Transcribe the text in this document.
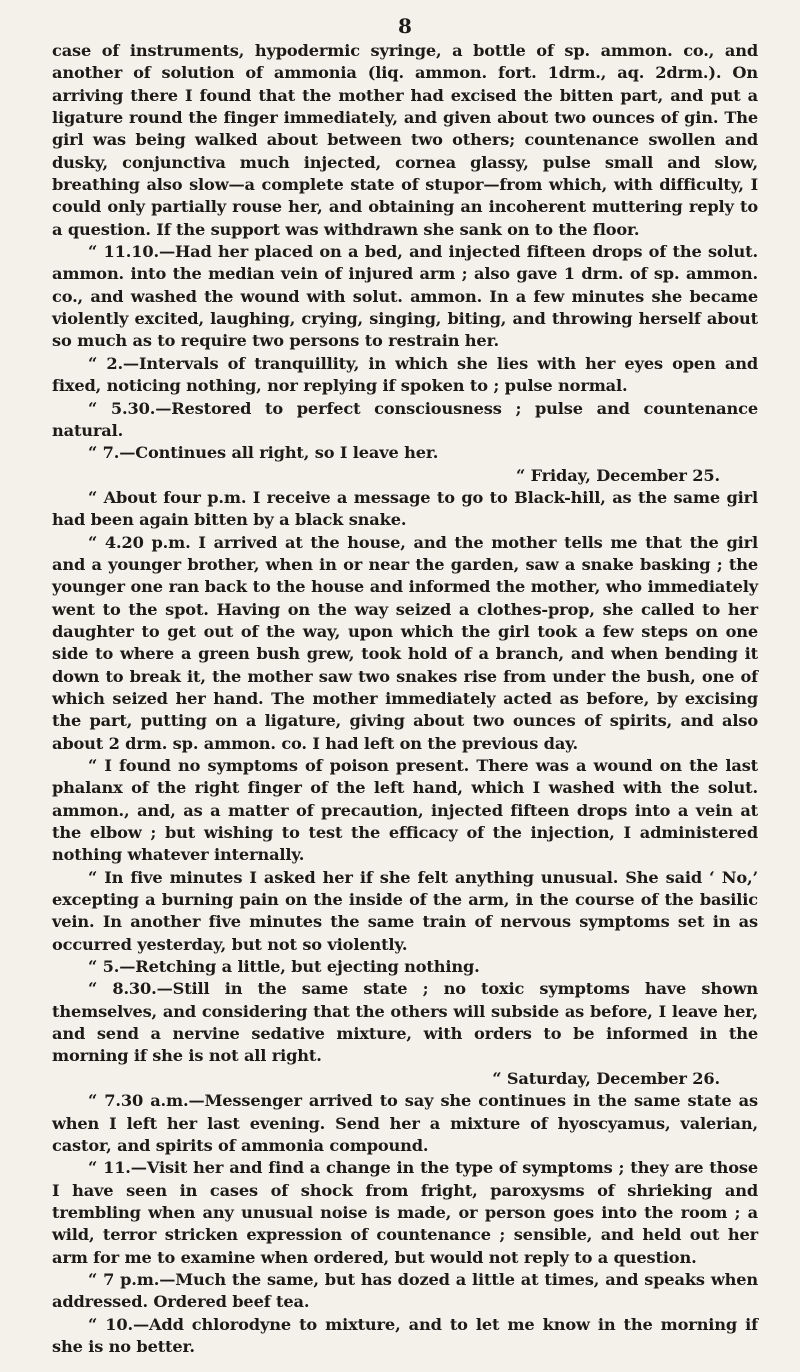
8

case of instruments, hypodermic syringe, a bottle of sp. ammon. co., and another of solution of ammonia (liq. ammon. fort. 1drm., aq. 2drm.). On arriving there I found that the mother had excised the bitten part, and put a ligature round the finger immediately, and given about two ounces of gin. The girl was being walked about between two others; countenance swollen and dusky, conjunctiva much injected, cornea glassy, pulse small and slow, breathing also slow—a complete state of stupor—from which, with difficulty, I could only partially rouse her, and obtaining an incoherent muttering reply to a question. If the support was withdrawn she sank on to the floor.

“ 11.10.—Had her placed on a bed, and injected fifteen drops of the solut. ammon. into the median vein of injured arm ; also gave 1 drm. of sp. ammon. co., and washed the wound with solut. ammon. In a few minutes she became violently excited, laughing, crying, singing, biting, and throwing herself about so much as to require two persons to restrain her.

“ 2.—Intervals of tranquillity, in which she lies with her eyes open and fixed, noticing nothing, nor replying if spoken to ; pulse normal.

“ 5.30.—Restored to perfect consciousness ; pulse and countenance natural.

“ 7.—Continues all right, so I leave her.

“ Friday, December 25.

“ About four p.m. I receive a message to go to Black-hill, as the same girl had been again bitten by a black snake.

“ 4.20 p.m. I arrived at the house, and the mother tells me that the girl and a younger brother, when in or near the garden, saw a snake basking ; the younger one ran back to the house and informed the mother, who immediately went to the spot. Having on the way seized a clothes-prop, she called to her daughter to get out of the way, upon which the girl took a few steps on one side to where a green bush grew, took hold of a branch, and when bending it down to break it, the mother saw two snakes rise from under the bush, one of which seized her hand. The mother immediately acted as before, by excising the part, putting on a ligature, giving about two ounces of spirits, and also about 2 drm. sp. ammon. co. I had left on the previous day.

“ I found no symptoms of poison present. There was a wound on the last phalanx of the right finger of the left hand, which I washed with the solut. ammon., and, as a matter of precaution, injected fifteen drops into a vein at the elbow ; but wishing to test the efficacy of the injection, I administered nothing whatever internally.

“ In five minutes I asked her if she felt anything unusual. She said ‘ No,’ excepting a burning pain on the inside of the arm, in the course of the basilic vein. In another five minutes the same train of nervous symptoms set in as occurred yesterday, but not so violently.

“ 5.—Retching a little, but ejecting nothing.

“ 8.30.—Still in the same state ; no toxic symptoms have shown themselves, and considering that the others will subside as before, I leave her, and send a nervine sedative mixture, with orders to be informed in the morning if she is not all right.

“ Saturday, December 26.

“ 7.30 a.m.—Messenger arrived to say she continues in the same state as when I left her last evening. Send her a mixture of hyoscyamus, valerian, castor, and spirits of ammonia compound.

“ 11.—Visit her and find a change in the type of symptoms ; they are those I have seen in cases of shock from fright, paroxysms of shrieking and trembling when any unusual noise is made, or person goes into the room ; a wild, terror stricken expression of countenance ; sensible, and held out her arm for me to examine when ordered, but would not reply to a question.

“ 7 p.m.—Much the same, but has dozed a little at times, and speaks when addressed. Ordered beef tea.

“ 10.—Add chlorodyne to mixture, and to let me know in the morning if she is no better.
